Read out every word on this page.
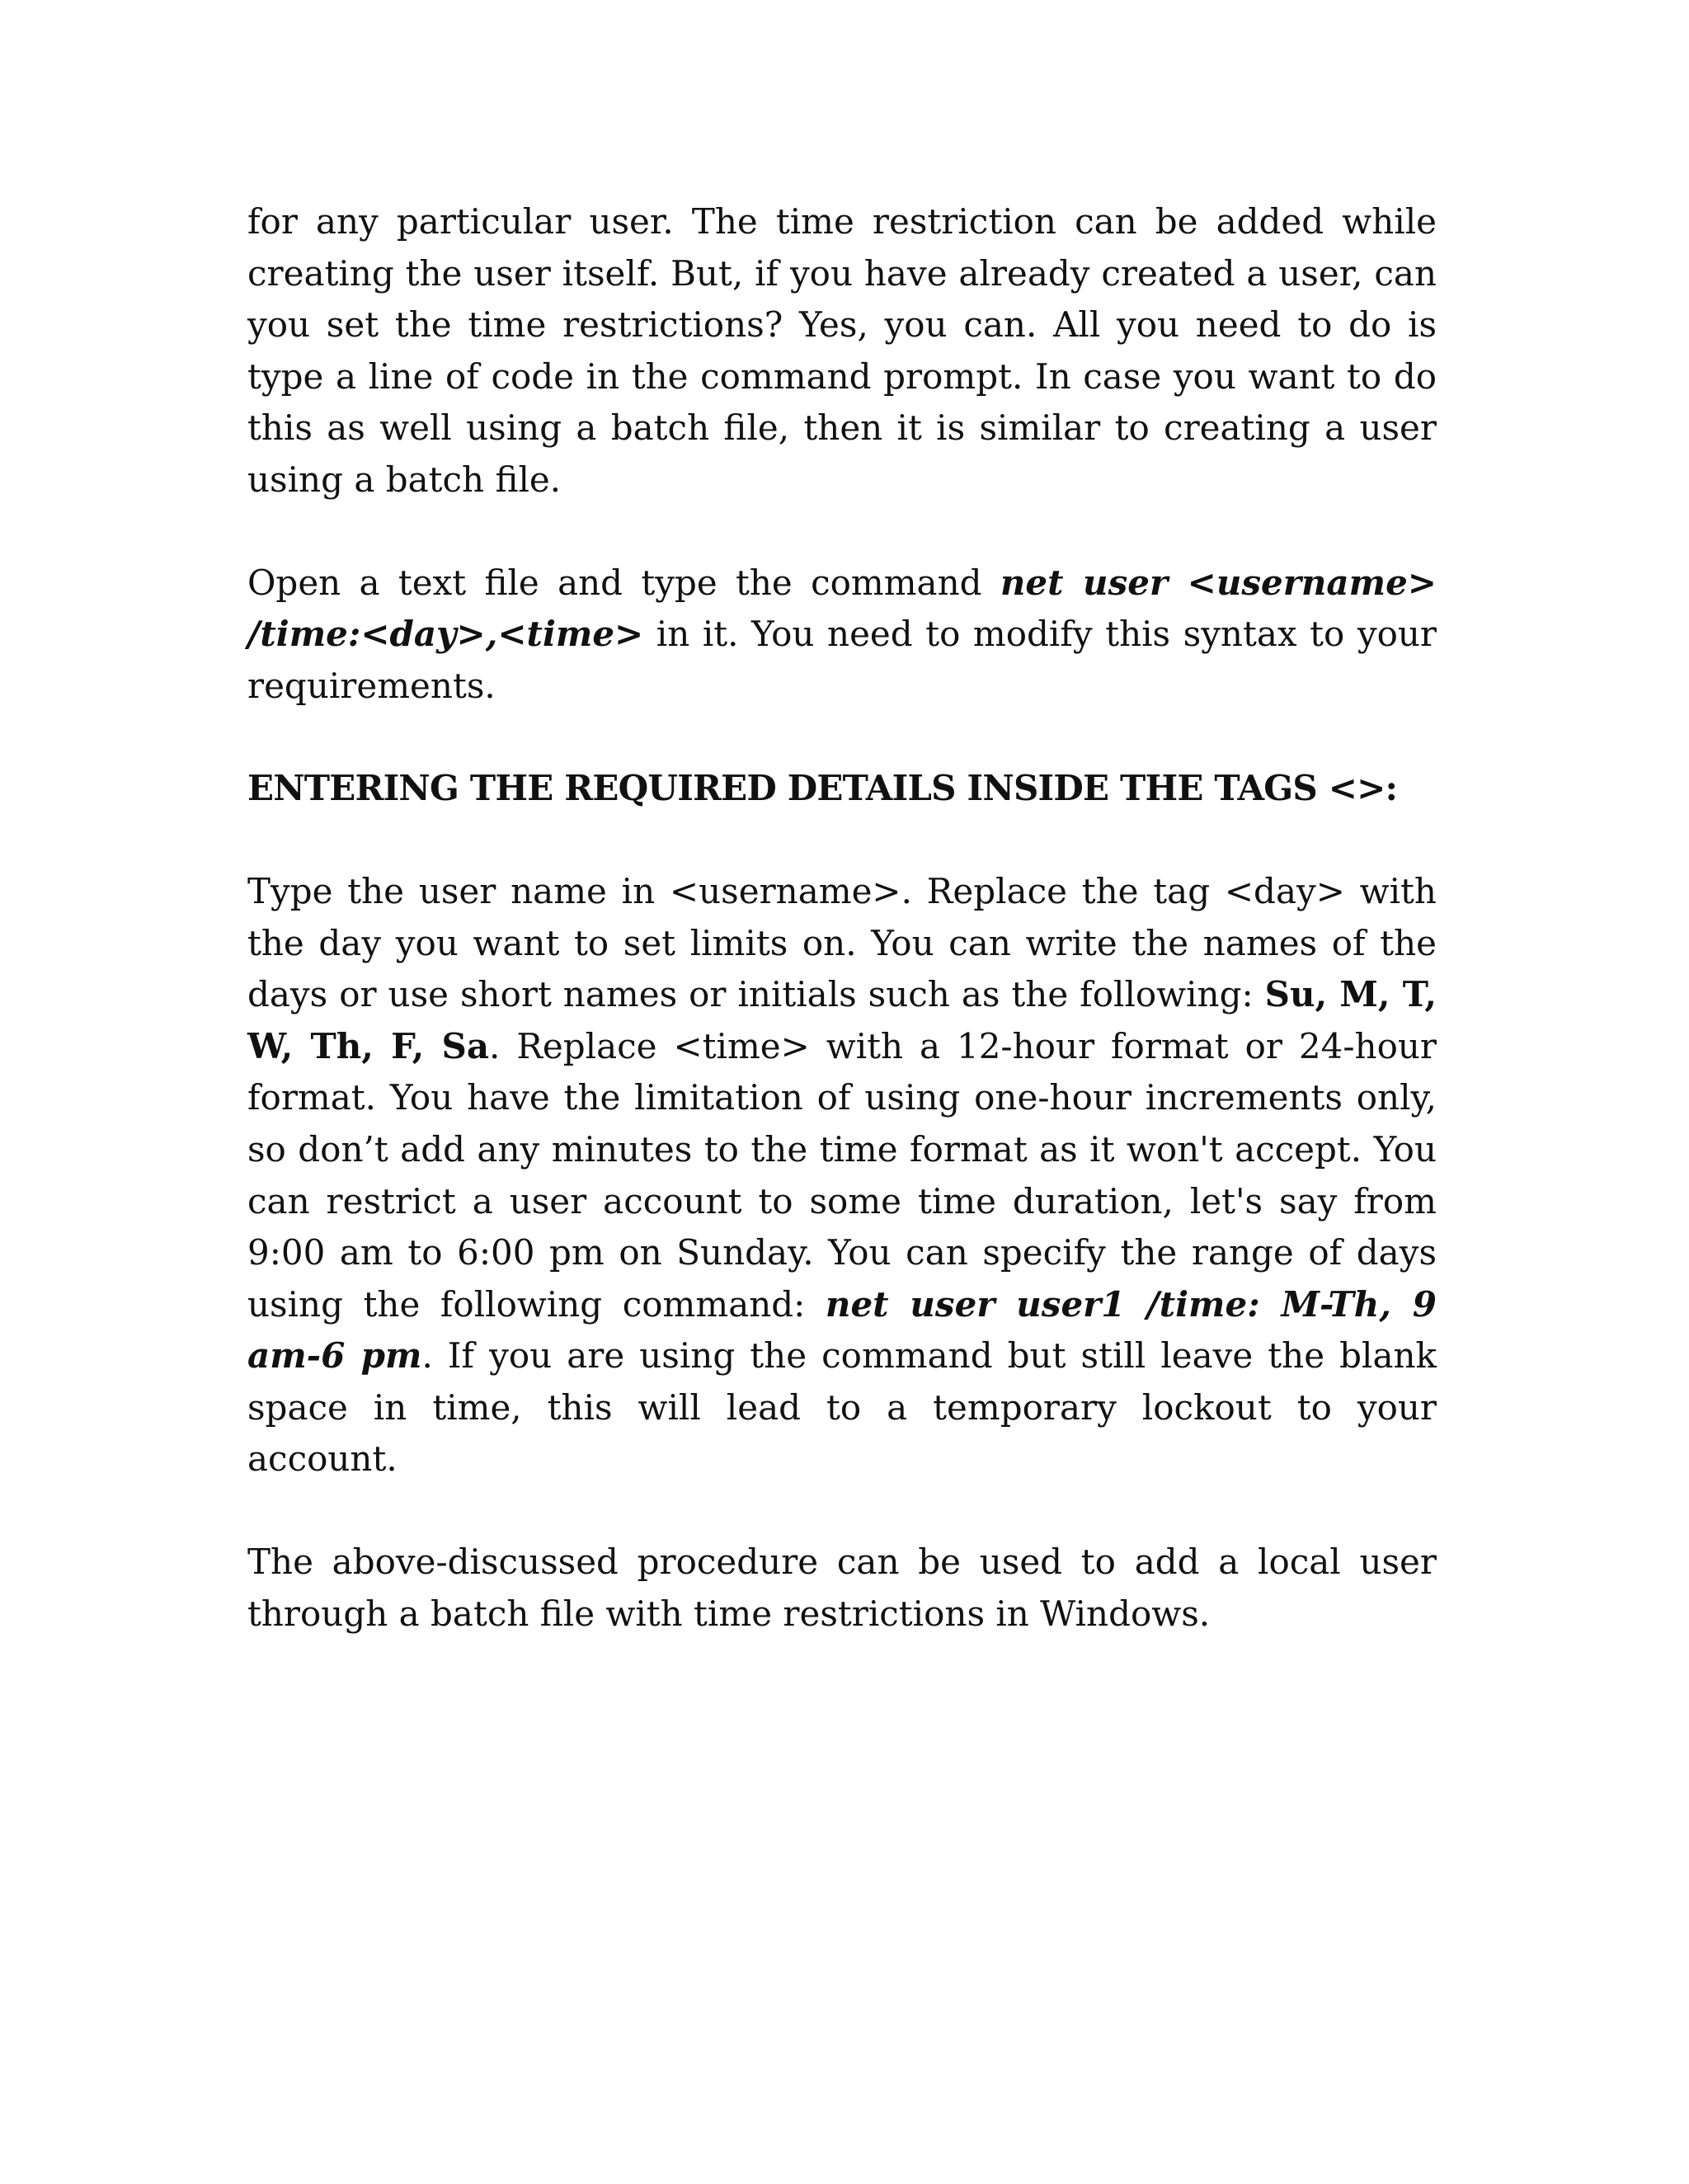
for any particular user. The time restriction can be added while creating the user itself. But, if you have already created a user, can you set the time restrictions? Yes, you can. All you need to do is type a line of code in the command prompt. In case you want to do this as well using a batch file, then it is similar to creating a user using a batch file.

Open a text file and type the command net user <username> /time:<day>,<time> in it. You need to modify this syntax to your requirements.

ENTERING THE REQUIRED DETAILS INSIDE THE TAGS <>:

Type the user name in <username>. Replace the tag <day> with the day you want to set limits on. You can write the names of the days or use short names or initials such as the following: Su, M, T, W, Th, F, Sa. Replace <time> with a 12-hour format or 24-hour format. You have the limitation of using one-hour increments only, so don’t add any minutes to the time format as it won't accept. You can restrict a user account to some time duration, let's say from 9:00 am to 6:00 pm on Sunday. You can specify the range of days using the following command: net user user1 /time: M-Th, 9 am-6 pm. If you are using the command but still leave the blank space in time, this will lead to a temporary lockout to your account.

The above-discussed procedure can be used to add a local user through a batch file with time restrictions in Windows.
